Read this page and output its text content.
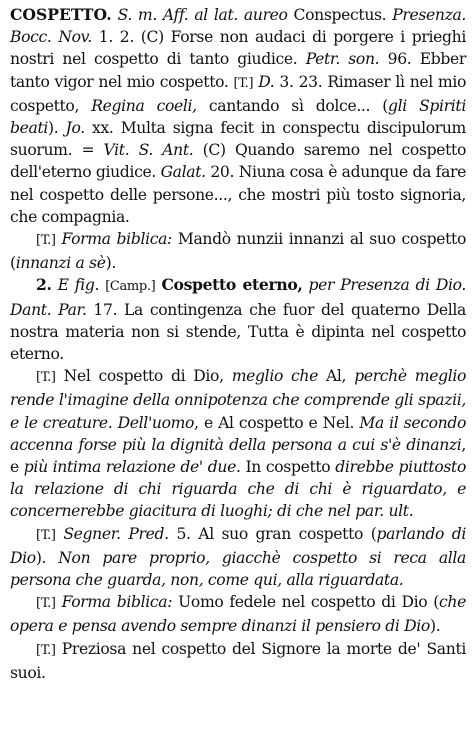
COSPETTO. S. m. Aff. al lat. aureo Conspectus. Presenza. Bocc. Nov. 1. 2. (C) Forse non audaci di porgere i prieghi nostri nel cospetto di tanto giudice. Petr. son. 96. Ebber tanto vigor nel mio cospetto. [T.] D. 3. 23. Rimaser lì nel mio cospetto, Regina coeli, cantando sì dolce... (gli Spiriti beati). Jo. xx. Multa signa fecit in conspectu discipulorum suorum. = Vit. S. Ant. (C) Quando saremo nel cospetto dell'eterno giudice. Galat. 20. Niuna cosa è adunque da fare nel cospetto delle persone..., che mostri più tosto signoria, che compagnia.

[T.] Forma biblica: Mandò nunzii innanzi al suo cospetto (innanzi a sè).

2. E fig. [Camp.] Cospetto eterno, per Presenza di Dio. Dant. Par. 17. La contingenza che fuor del quaterno Della nostra materia non si stende, Tutta è dipinta nel cospetto eterno.

[T.] Nel cospetto di Dio, meglio che Al, perchè meglio rende l'imagine della onnipotenza che comprende gli spazii, e le creature. Dell'uomo, e Al cospetto e Nel. Ma il secondo accenna forse più la dignità della persona a cui s'è dinanzi, e più intima relazione de' due. In cospetto direbbe piuttosto la relazione di chi riguarda che di chi è riguardato, e concernerebbe giacitura di luoghi; di che nel par. ult.

[T.] Segner. Pred. 5. Al suo gran cospetto (parlando di Dio). Non pare proprio, giacchè cospetto si reca alla persona che guarda, non, come qui, alla riguardata.

[T.] Forma biblica: Uomo fedele nel cospetto di Dio (che opera e pensa avendo sempre dinanzi il pensiero di Dio).

[T.] Preziosa nel cospetto del Signore la morte de' Santi suoi.
